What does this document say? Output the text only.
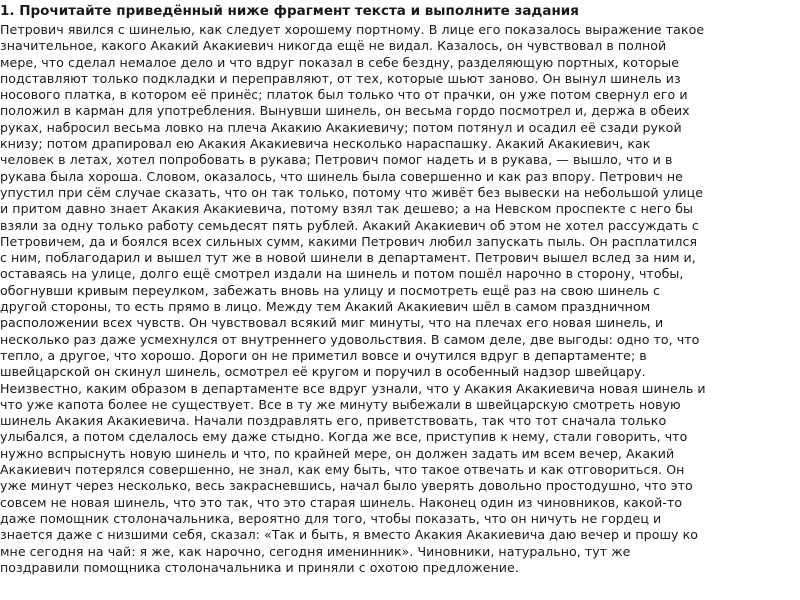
1. Прочитайте приведённый ниже фрагмент текста и выполните задания
Петрович явился с шинелью, как следует хорошему портному. В лице его показалось выражение такое
значительное, какого Акакий Акакиевич никогда ещё не видал. Казалось, он чувствовал в полной
мере, что сделал немалое дело и что вдруг показал в себе бездну, разделяющую портных, которые
подставляют только подкладки и переправляют, от тех, которые шьют заново. Он вынул шинель из
носового платка, в котором её принёс; платок был только что от прачки, он уже потом свернул его и
положил в карман для употребления. Вынувши шинель, он весьма гордо посмотрел и, держа в обеих
руках, набросил весьма ловко на плеча Акакию Акакиевичу; потом потянул и осадил её сзади рукой
книзу; потом драпировал ею Акакия Акакиевича несколько нараспашку. Акакий Акакиевич, как
человек в летах, хотел попробовать в рукава; Петрович помог надеть и в рукава, — вышло, что и в
рукава была хороша. Словом, оказалось, что шинель была совершенно и как раз впору. Петрович не
упустил при сём случае сказать, что он так только, потому что живёт без вывески на небольшой улице
и притом давно знает Акакия Акакиевича, потому взял так дешево; а на Невском проспекте с него бы
взяли за одну только работу семьдесят пять рублей. Акакий Акакиевич об этом не хотел рассуждать с
Петровичем, да и боялся всех сильных сумм, какими Петрович любил запускать пыль. Он расплатился
с ним, поблагодарил и вышел тут же в новой шинели в департамент. Петрович вышел вслед за ним и,
оставаясь на улице, долго ещё смотрел издали на шинель и потом пошёл нарочно в сторону, чтобы,
обогнувши кривым переулком, забежать вновь на улицу и посмотреть ещё раз на свою шинель с
другой стороны, то есть прямо в лицо. Между тем Акакий Акакиевич шёл в самом праздничном
расположении всех чувств. Он чувствовал всякий миг минуты, что на плечах его новая шинель, и
несколько раз даже усмехнулся от внутреннего удовольствия. В самом деле, две выгоды: одно то, что
тепло, а другое, что хорошо. Дороги он не приметил вовсе и очутился вдруг в департаменте; в
швейцарской он скинул шинель, осмотрел её кругом и поручил в особенный надзор швейцару.
Неизвестно, каким образом в департаменте все вдруг узнали, что у Акакия Акакиевича новая шинель и
что уже капота более не существует. Все в ту же минуту выбежали в швейцарскую смотреть новую
шинель Акакия Акакиевича. Начали поздравлять его, приветствовать, так что тот сначала только
улыбался, а потом сделалось ему даже стыдно. Когда же все, приступив к нему, стали говорить, что
нужно вспрыснуть новую шинель и что, по крайней мере, он должен задать им всем вечер, Акакий
Акакиевич потерялся совершенно, не знал, как ему быть, что такое отвечать и как отговориться. Он
уже минут через несколько, весь закрасневшись, начал было уверять довольно простодушно, что это
совсем не новая шинель, что это так, что это старая шинель. Наконец один из чиновников, какой-то
даже помощник столоначальника, вероятно для того, чтобы показать, что он ничуть не гордец и
знается даже с низшими себя, сказал: «Так и быть, я вместо Акакия Акакиевича даю вечер и прошу ко
мне сегодня на чай: я же, как нарочно, сегодня именинник». Чиновники, натурально, тут же
поздравили помощника столоначальника и приняли с охотою предложение.
